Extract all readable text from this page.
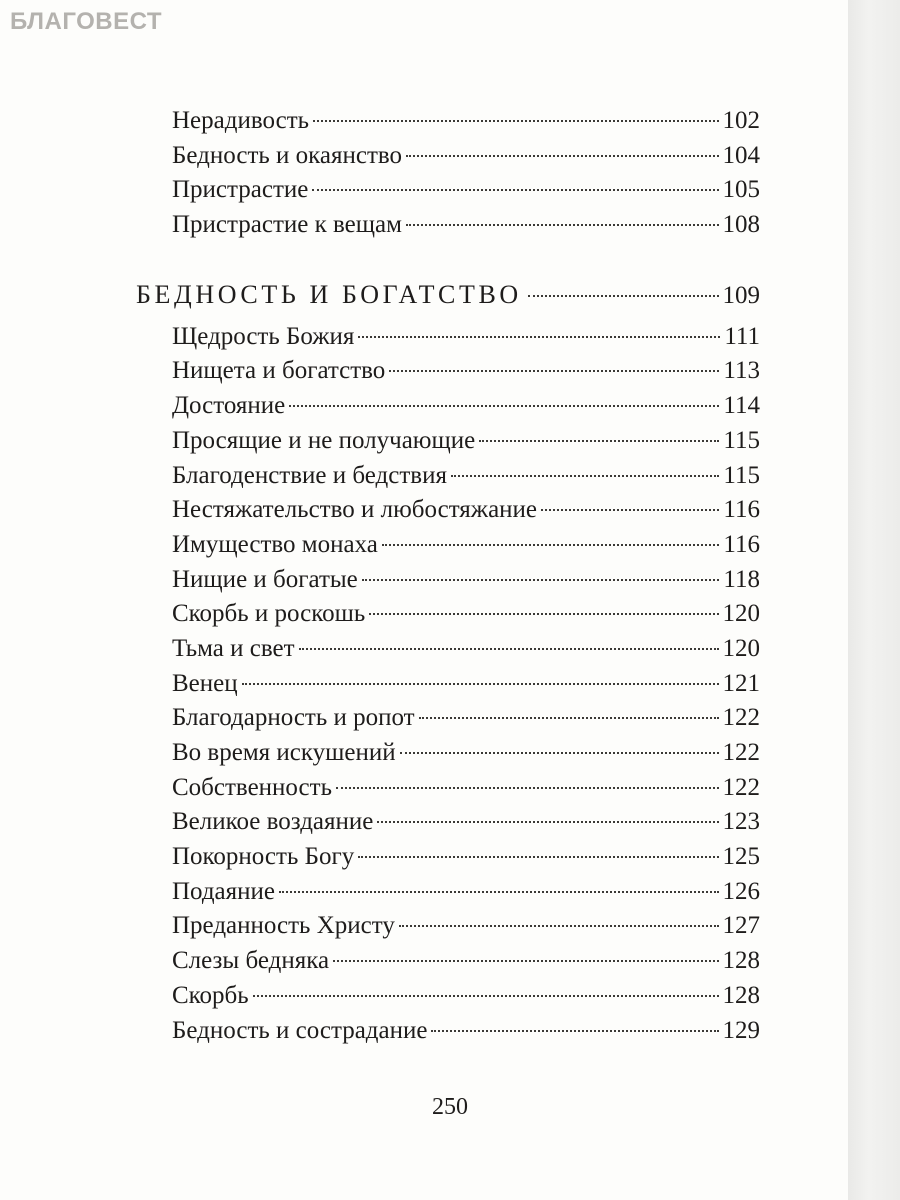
БЛАГОВЕСТ
Нерадивость	102
Бедность и окаянство	104
Пристрастие	105
Пристрастие к вещам	108
БЕДНОСТЬ И БОГАТСТВО	109
Щедрость Божия	111
Нищета и богатство	113
Достояние	114
Просящие и не получающие	115
Благоденствие и бедствия	115
Нестяжательство и любостяжание	116
Имущество монаха	116
Нищие и богатые	118
Скорбь и роскошь	120
Тьма и свет	120
Венец	121
Благодарность и ропот	122
Во время искушений	122
Собственность	122
Великое воздаяние	123
Покорность Богу	125
Подаяние	126
Преданность Христу	127
Слезы бедняка	128
Скорбь	128
Бедность и сострадание	129
250
